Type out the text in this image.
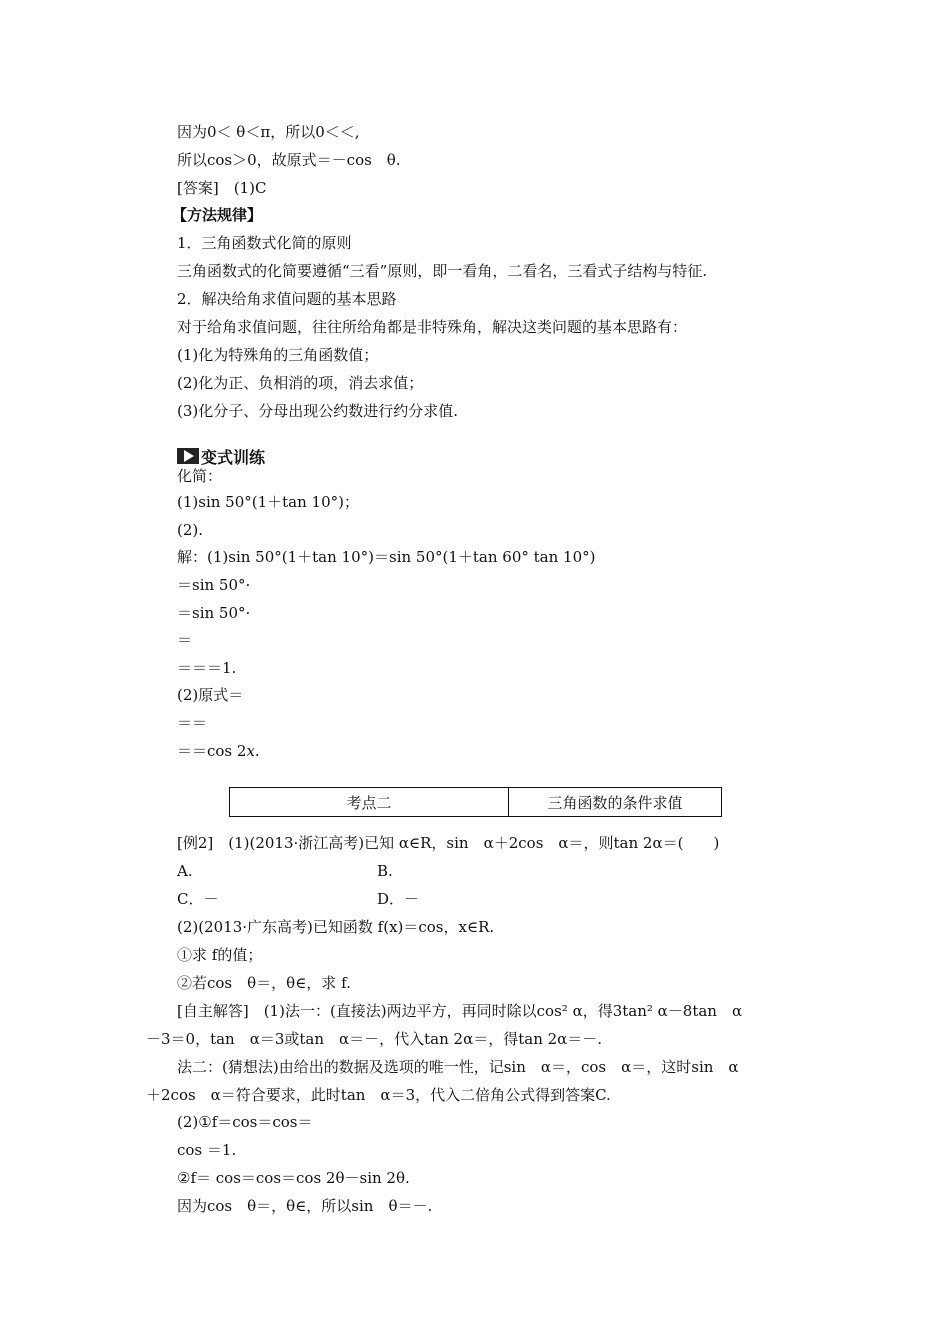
因为0＜ θ＜π，所以0＜＜,
所以cos＞0，故原式＝－cos　θ.
[答案]　(1)C
【方法规律】
1．三角函数式化简的原则
三角函数式的化简要遵循“三看”原则，即一看角，二看名，三看式子结构与特征.
2．解决给角求值问题的基本思路
对于给角求值问题，往往所给角都是非特殊角，解决这类问题的基本思路有：
(1)化为特殊角的三角函数值；
(2)化为正、负相消的项，消去求值；
(3)化分子、分母出现公约数进行约分求值.
变式训练
化简：
(1)sin 50°(1＋tan 10°)；
(2).
解：(1)sin 50°(1＋tan 10°)＝sin 50°(1＋tan 60° tan 10°)
＝sin 50°·
＝sin 50°·
＝
＝＝＝1.
(2)原式＝
＝＝
＝＝cos 2x.
考点二	三角函数的条件求值
[例2]　(1)(2013·浙江高考)已知 α∈R，sin　α＋2cos　α＝，则tan 2α＝(　　)
A.	B.
C．－	D．－
(2)(2013·广东高考)已知函数 f(x)＝cos，x∈R.
①求 f的值；
②若cos　θ＝，θ∈，求 f.
[自主解答]　(1)法一：(直接法)两边平方，再同时除以cos² α，得3tan² α－8tan　α
－3＝0，tan　α＝3或tan　α＝－，代入tan 2α＝，得tan 2α＝－.
法二：(猜想法)由给出的数据及选项的唯一性，记sin　α＝，cos　α＝，这时sin　α
＋2cos　α＝符合要求，此时tan　α＝3，代入二倍角公式得到答案C.
(2)①f＝cos＝cos＝
cos ＝1.
②f＝ cos＝cos＝cos 2θ－sin 2θ.
因为cos　θ＝，θ∈，所以sin　θ＝－.
